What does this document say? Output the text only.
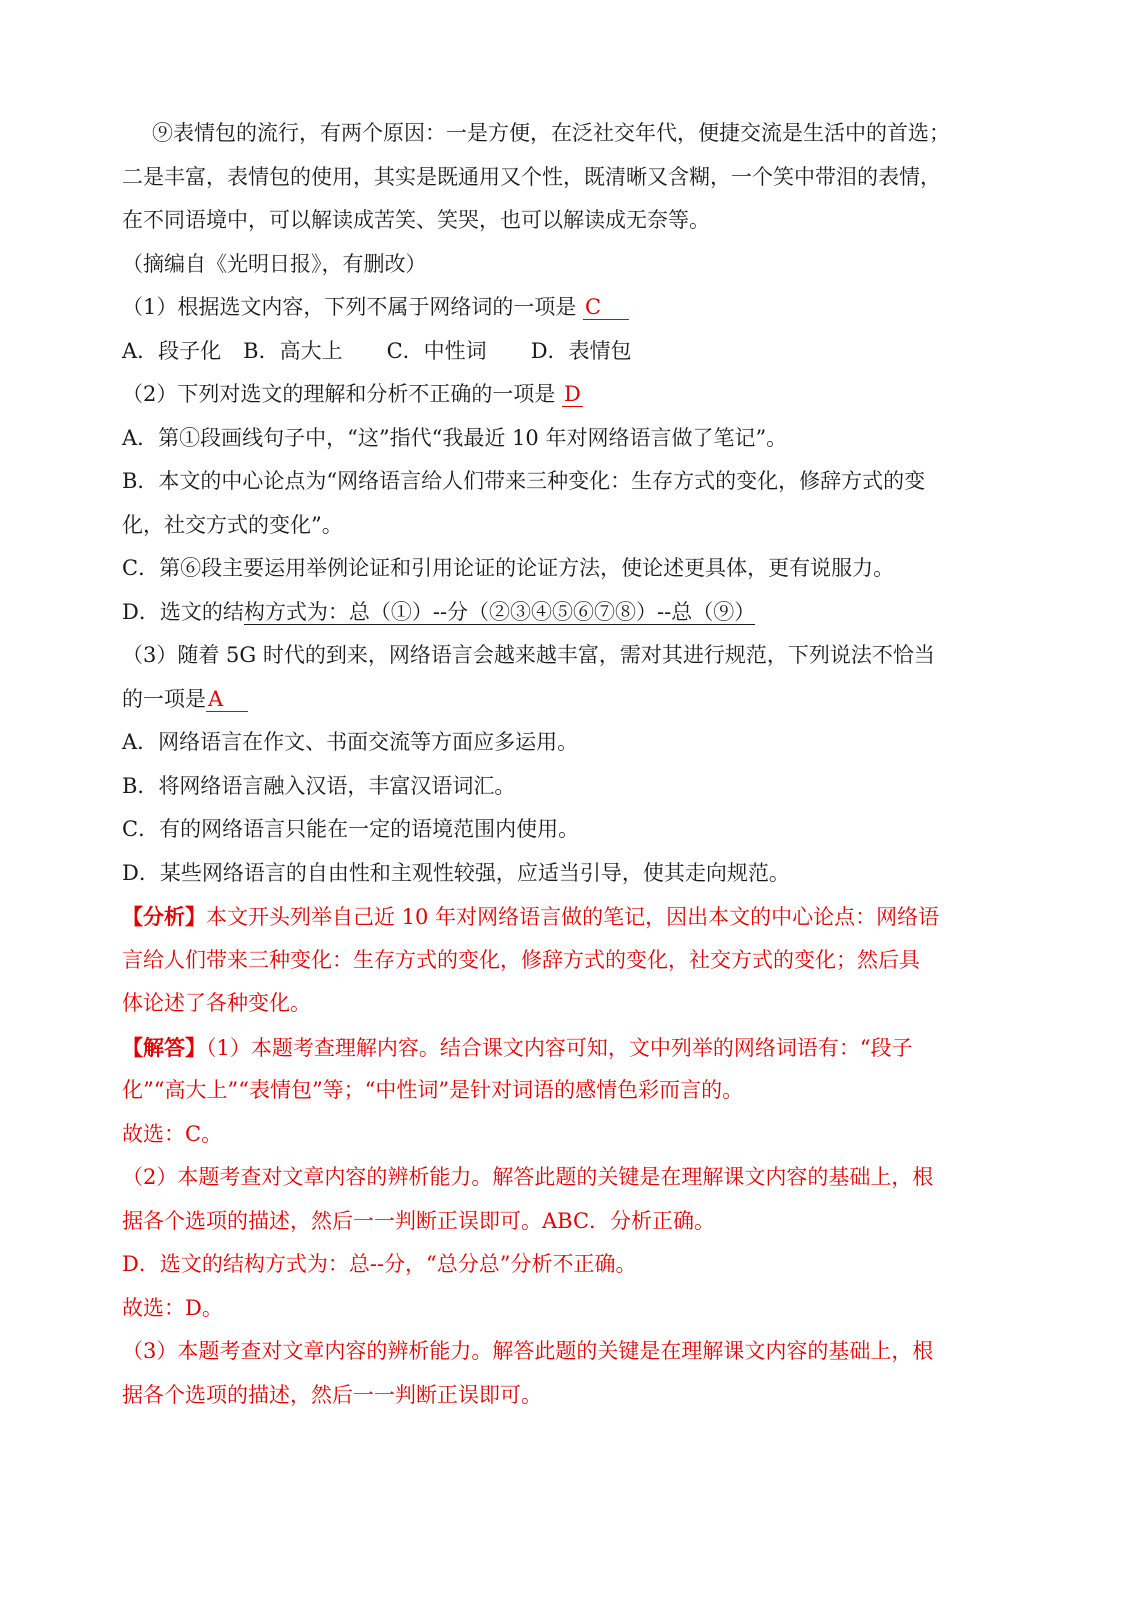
⑨表情包的流行，有两个原因：一是方便，在泛社交年代，便捷交流是生活中的首选；
二是丰富，表情包的使用，其实是既通用又个性，既清晰又含糊，一个笑中带泪的表情，
在不同语境中，可以解读成苦笑、笑哭，也可以解读成无奈等。
（摘编自《光明日报》，有删改）
（1）根据选文内容，下列不属于网络词的一项是 C
A．段子化 B．高大上 C．中性词 D．表情包
（2）下列对选文的理解和分析不正确的一项是 D
A．第①段画线句子中，“这”指代“我最近 10 年对网络语言做了笔记”。
B．本文的中心论点为“网络语言给人们带来三种变化：生存方式的变化，修辞方式的变
化，社交方式的变化”。
C．第⑥段主要运用举例论证和引用论证的论证方法，使论述更具体，更有说服力。
D．选文的结构方式为：总（①）--分（②③④⑤⑥⑦⑧）--总（⑨）
（3）随着 5G 时代的到来，网络语言会越来越丰富，需对其进行规范，下列说法不恰当
的一项是A
A．网络语言在作文、书面交流等方面应多运用。
B．将网络语言融入汉语，丰富汉语词汇。
C．有的网络语言只能在一定的语境范围内使用。
D．某些网络语言的自由性和主观性较强，应适当引导，使其走向规范。
【分析】本文开头列举自己近 10 年对网络语言做的笔记，因出本文的中心论点：网络语
言给人们带来三种变化：生存方式的变化，修辞方式的变化，社交方式的变化；然后具
体论述了各种变化。
【解答】（1）本题考查理解内容。结合课文内容可知，文中列举的网络词语有：“段子
化”“高大上”“表情包”等；“中性词”是针对词语的感情色彩而言的。
故选：C。
（2）本题考查对文章内容的辨析能力。解答此题的关键是在理解课文内容的基础上，根
据各个选项的描述，然后一一判断正误即可。ABC．分析正确。
D．选文的结构方式为：总--分，“总分总”分析不正确。
故选：D。
（3）本题考查对文章内容的辨析能力。解答此题的关键是在理解课文内容的基础上，根
据各个选项的描述，然后一一判断正误即可。
